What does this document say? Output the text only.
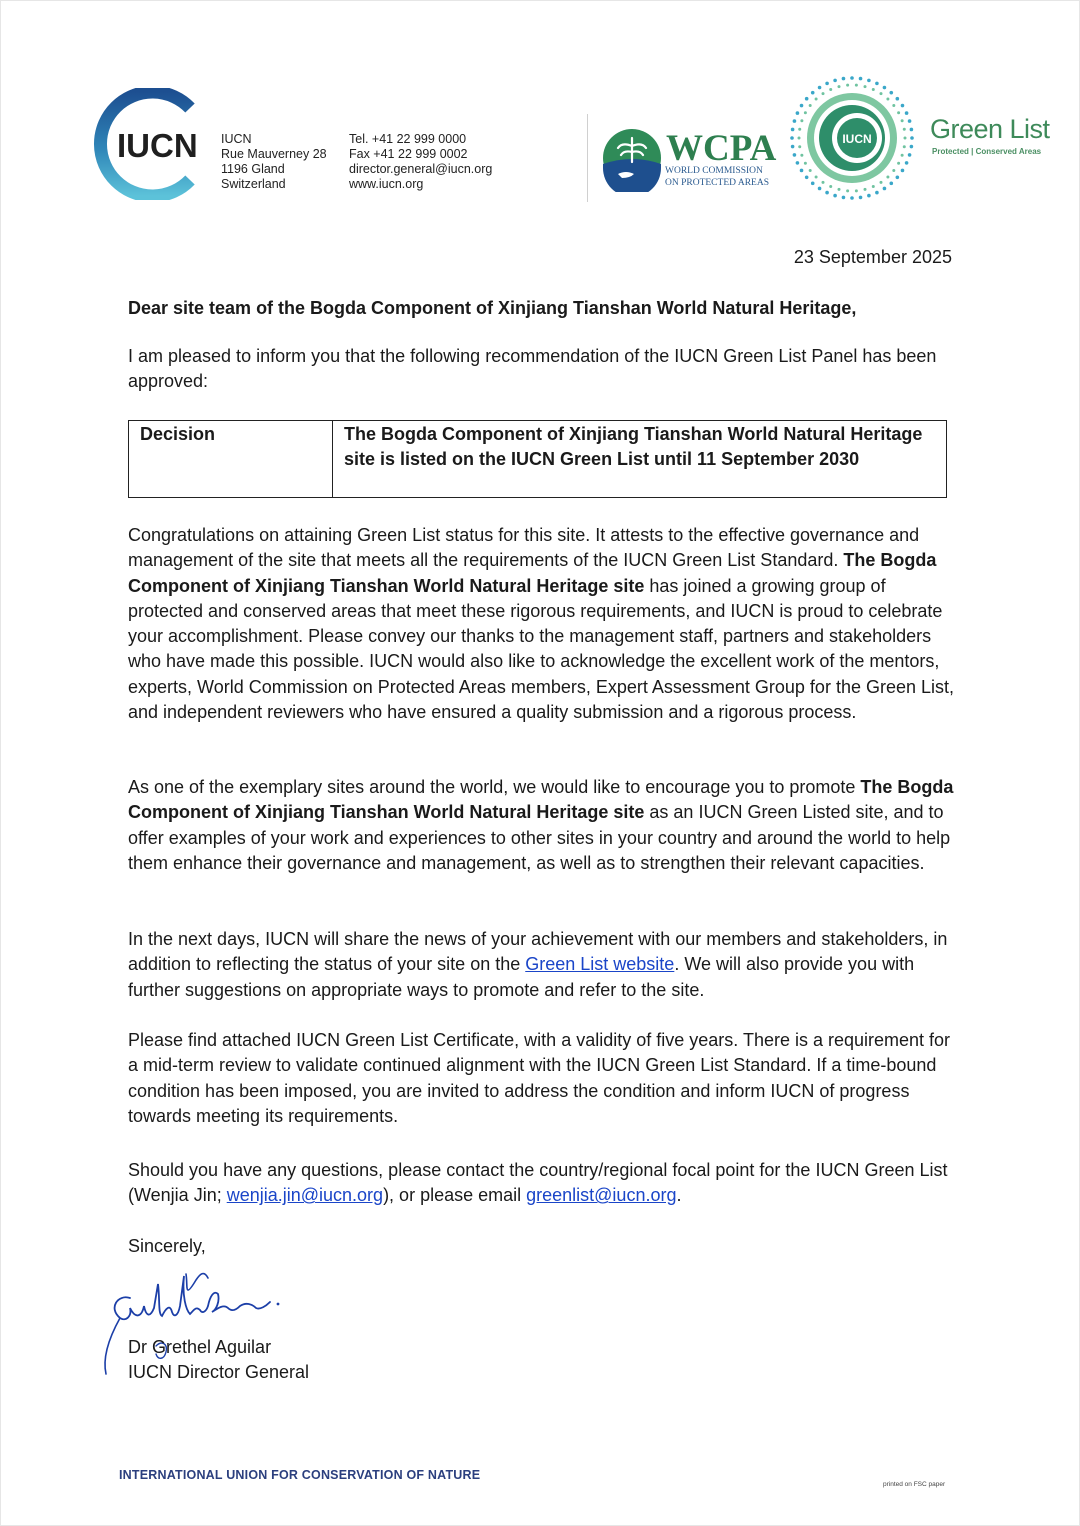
IUCN IUCN
Rue Mauverney 28
1196 Gland
Switzerland
Tel. +41 22 999 0000
Fax +41 22 999 0002
director.general@iucn.org
www.iucn.org
WCPA
WORLD COMMISSION
ON PROTECTED AREAS
IUCN Green List
Protected | Conserved Areas
23 September 2025
Dear site team of the Bogda Component of Xinjiang Tianshan World Natural Heritage,
I am pleased to inform you that the following recommendation of the IUCN Green List Panel has been approved:
Decision	The Bogda Component of Xinjiang Tianshan World Natural Heritage site is listed on the IUCN Green List until 11 September 2030
Congratulations on attaining Green List status for this site. It attests to the effective governance and management of the site that meets all the requirements of the IUCN Green List Standard. The Bogda Component of Xinjiang Tianshan World Natural Heritage site has joined a growing group of protected and conserved areas that meet these rigorous requirements, and IUCN is proud to celebrate your accomplishment. Please convey our thanks to the management staff, partners and stakeholders who have made this possible. IUCN would also like to acknowledge the excellent work of the mentors, experts, World Commission on Protected Areas members, Expert Assessment Group for the Green List, and independent reviewers who have ensured a quality submission and a rigorous process.
As one of the exemplary sites around the world, we would like to encourage you to promote The Bogda Component of Xinjiang Tianshan World Natural Heritage site as an IUCN Green Listed site, and to offer examples of your work and experiences to other sites in your country and around the world to help them enhance their governance and management, as well as to strengthen their relevant capacities.
In the next days, IUCN will share the news of your achievement with our members and stakeholders, in addition to reflecting the status of your site on the Green List website. We will also provide you with further suggestions on appropriate ways to promote and refer to the site.
Please find attached IUCN Green List Certificate, with a validity of five years. There is a requirement for a mid-term review to validate continued alignment with the IUCN Green List Standard. If a time-bound condition has been imposed, you are invited to address the condition and inform IUCN of progress towards meeting its requirements.
Should you have any questions, please contact the country/regional focal point for the IUCN Green List (Wenjia Jin; wenjia.jin@iucn.org), or please email greenlist@iucn.org.
Sincerely,
Dr Grethel Aguilar
IUCN Director General
INTERNATIONAL UNION FOR CONSERVATION OF NATURE
printed on FSC paper
